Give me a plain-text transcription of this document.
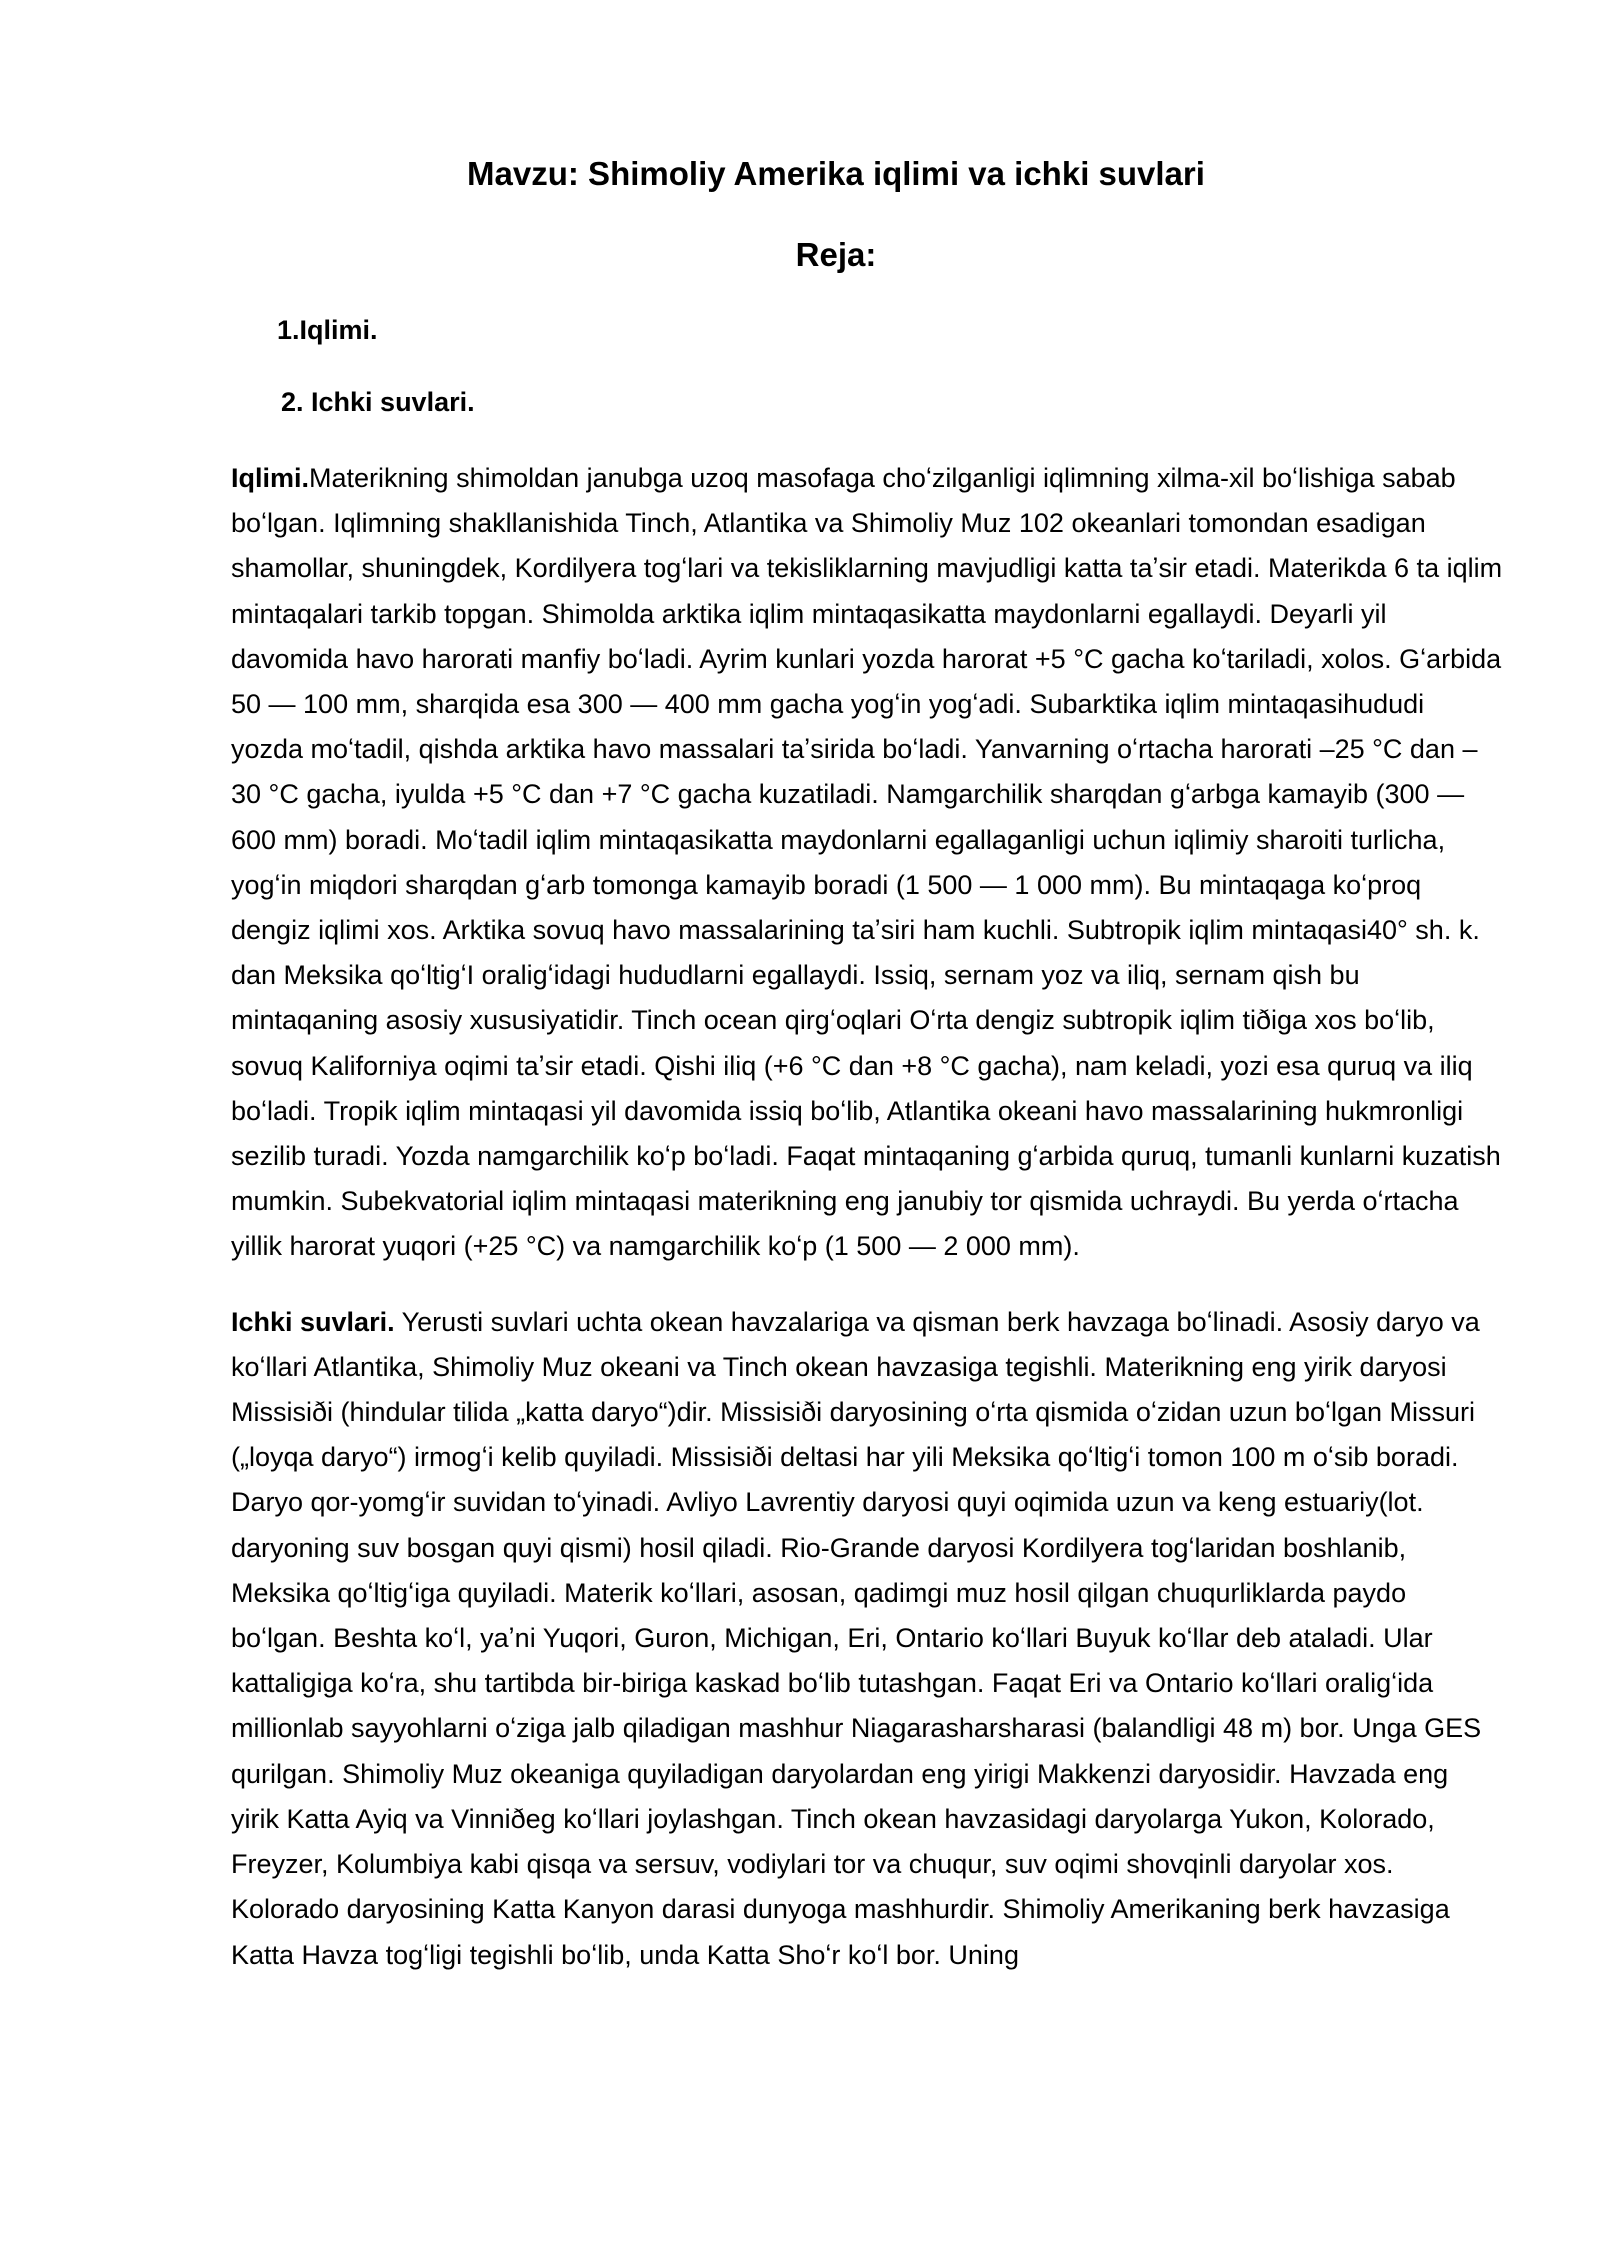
Mavzu: Shimoliy Amerika iqlimi va ichki suvlari
Reja:
1.Iqlimi.
2. Ichki suvlari.

Iqlimi.Materikning shimoldan janubga uzoq masofaga choʻzilganligi iqlimning xilma-xil boʻlishiga sabab boʻlgan. Iqlimning shakllanishida Tinch, Atlantika va Shimoliy Muz 102 okeanlari tomondan esadigan shamollar, shuningdek, Kordilyera togʻlari va tekisliklarning mavjudligi katta taʼsir etadi. Materikda 6 ta iqlim mintaqalari tarkib topgan. Shimolda arktika iqlim mintaqasikatta maydonlarni egallaydi. Deyarli yil davomida havo harorati manfiy boʻladi. Ayrim kunlari yozda harorat +5 °C gacha koʻtariladi, xolos. Gʻarbida 50 — 100 mm, sharqida esa 300 — 400 mm gacha yogʻin yogʻadi. Subarktika iqlim mintaqasihududi yozda moʻtadil, qishda arktika havo massalari taʼsirida boʻladi. Yanvarning oʻrtacha harorati –25 °C dan –30 °C gacha, iyulda +5 °C dan +7 °C gacha kuzatiladi. Namgarchilik sharqdan gʻarbga kamayib (300 — 600 mm) boradi. Moʻtadil iqlim mintaqasikatta maydonlarni egallaganligi uchun iqlimiy sharoiti turlicha, yogʻin miqdori sharqdan gʻarb tomonga kamayib boradi (1 500 — 1 000 mm). Bu mintaqaga koʻproq dengiz iqlimi xos. Arktika sovuq havo massalarining taʼsiri ham kuchli. Subtropik iqlim mintaqasi40° sh. k. dan Meksika qoʻltigʻI oraligʻidagi hududlarni egallaydi. Issiq, sernam yoz va iliq, sernam qish bu mintaqaning asosiy xususiyatidir. Tinch ocean qirgʻoqlari Oʻrta dengiz subtropik iqlim tiðiga xos boʻlib, sovuq Kaliforniya oqimi taʼsir etadi. Qishi iliq (+6 °C dan +8 °C gacha), nam keladi, yozi esa quruq va iliq boʻladi. Tropik iqlim mintaqasi yil davomida issiq boʻlib, Atlantika okeani havo massalarining hukmronligi sezilib turadi. Yozda namgarchilik koʻp boʻladi. Faqat mintaqaning gʻarbida quruq, tumanli kunlarni kuzatish mumkin. Subekvatorial iqlim mintaqasi materikning eng janubiy tor qismida uchraydi. Bu yerda oʻrtacha yillik harorat yuqori (+25 °C) va namgarchilik koʻp (1 500 — 2 000 mm).

Ichki suvlari. Yerusti suvlari uchta okean havzalariga va qisman berk havzaga boʻlinadi. Asosiy daryo va koʻllari Atlantika, Shimoliy Muz okeani va Tinch okean havzasiga tegishli. Materikning eng yirik daryosi Missisiði (hindular tilida „katta daryo“)dir. Missisiði daryosining oʻrta qismida oʻzidan uzun boʻlgan Missuri („loyqa daryo“) irmogʻi kelib quyiladi. Missisiði deltasi har yili Meksika qoʻltigʻi tomon 100 m oʻsib boradi. Daryo qor-yomgʻir suvidan toʻyinadi. Avliyo Lavrentiy daryosi quyi oqimida uzun va keng estuariy(lot. daryoning suv bosgan quyi qismi) hosil qiladi. Rio-Grande daryosi Kordilyera togʻlaridan boshlanib, Meksika qoʻltigʻiga quyiladi. Materik koʻllari, asosan, qadimgi muz hosil qilgan chuqurliklarda paydo boʻlgan. Beshta koʻl, yaʼni Yuqori, Guron, Michigan, Eri, Ontario koʻllari Buyuk koʻllar deb ataladi. Ular kattaligiga koʻra, shu tartibda bir-biriga kaskad boʻlib tutashgan. Faqat Eri va Ontario koʻllari oraligʻida millionlab sayyohlarni oʻziga jalb qiladigan mashhur Niagarasharsharasi (balandligi 48 m) bor. Unga GES qurilgan. Shimoliy Muz okeaniga quyiladigan daryolardan eng yirigi Makkenzi daryosidir. Havzada eng yirik Katta Ayiq va Vinniðeg koʻllari joylashgan. Tinch okean havzasidagi daryolarga Yukon, Kolorado, Freyzer, Kolumbiya kabi qisqa va sersuv, vodiylari tor va chuqur, suv oqimi shovqinli daryolar xos. Kolorado daryosining Katta Kanyon darasi dunyoga mashhurdir. Shimoliy Amerikaning berk havzasiga Katta Havza togʻligi tegishli boʻlib, unda Katta Shoʻr koʻl bor. Uning
